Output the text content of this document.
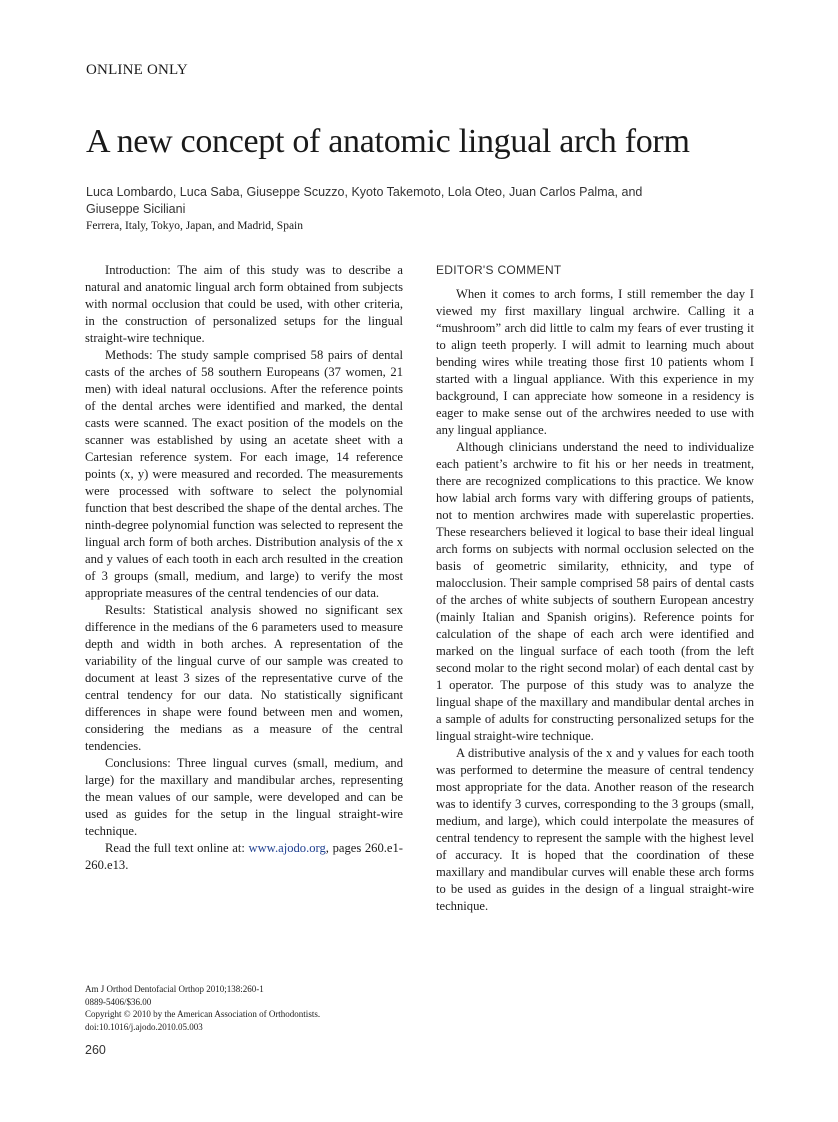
ONLINE ONLY
A new concept of anatomic lingual arch form
Luca Lombardo, Luca Saba, Giuseppe Scuzzo, Kyoto Takemoto, Lola Oteo, Juan Carlos Palma, and Giuseppe Siciliani
Ferrera, Italy, Tokyo, Japan, and Madrid, Spain

Introduction: The aim of this study was to describe a natural and anatomic lingual arch form obtained from subjects with normal occlusion that could be used, with other criteria, in the construction of personalized setups for the lingual straight-wire technique.

Methods: The study sample comprised 58 pairs of dental casts of the arches of 58 southern Europeans (37 women, 21 men) with ideal natural occlusions. After the reference points of the dental arches were identified and marked, the dental casts were scanned. The exact position of the models on the scanner was established by using an acetate sheet with a Cartesian reference system. For each image, 14 reference points (x, y) were measured and recorded. The measurements were processed with software to select the polynomial function that best described the shape of the dental arches. The ninth-degree polynomial function was selected to represent the lingual arch form of both arches. Distribution analysis of the x and y values of each tooth in each arch resulted in the creation of 3 groups (small, medium, and large) to verify the most appropriate measures of the central tendencies of our data.

Results: Statistical analysis showed no significant sex difference in the medians of the 6 parameters used to measure depth and width in both arches. A representation of the variability of the lingual curve of our sample was created to document at least 3 sizes of the representative curve of the central tendency for our data. No statistically significant differences in shape were found between men and women, considering the medians as a measure of the central tendencies.

Conclusions: Three lingual curves (small, medium, and large) for the maxillary and mandibular arches, representing the mean values of our sample, were developed and can be used as guides for the setup in the lingual straight-wire technique.

Read the full text online at: www.ajodo.org, pages 260.e1-260.e13.

EDITOR'S COMMENT

When it comes to arch forms, I still remember the day I viewed my first maxillary lingual archwire. Calling it a “mushroom” arch did little to calm my fears of ever trusting it to align teeth properly. I will admit to learning much about bending wires while treating those first 10 patients whom I started with a lingual appliance. With this experience in my background, I can appreciate how someone in a residency is eager to make sense out of the archwires needed to use with any lingual appliance.

Although clinicians understand the need to individualize each patient’s archwire to fit his or her needs in treatment, there are recognized complications to this practice. We know how labial arch forms vary with differing groups of patients, not to mention archwires made with superelastic properties. These researchers believed it logical to base their ideal lingual arch forms on subjects with normal occlusion selected on the basis of geometric similarity, ethnicity, and type of malocclusion. Their sample comprised 58 pairs of dental casts of the arches of white subjects of southern European ancestry (mainly Italian and Spanish origins). Reference points for calculation of the shape of each arch were identified and marked on the lingual surface of each tooth (from the left second molar to the right second molar) of each dental cast by 1 operator. The purpose of this study was to analyze the lingual shape of the maxillary and mandibular dental arches in a sample of adults for constructing personalized setups for the lingual straight-wire technique.

A distributive analysis of the x and y values for each tooth was performed to determine the measure of central tendency most appropriate for the data. Another reason of the research was to identify 3 curves, corresponding to the 3 groups (small, medium, and large), which could interpolate the measures of central tendency to represent the sample with the highest level of accuracy. It is hoped that the coordination of these maxillary and mandibular curves will enable these arch forms to be used as guides in the design of a lingual straight-wire technique.

Am J Orthod Dentofacial Orthop 2010;138:260-1
0889-5406/$36.00
Copyright © 2010 by the American Association of Orthodontists.
doi:10.1016/j.ajodo.2010.05.003
260
